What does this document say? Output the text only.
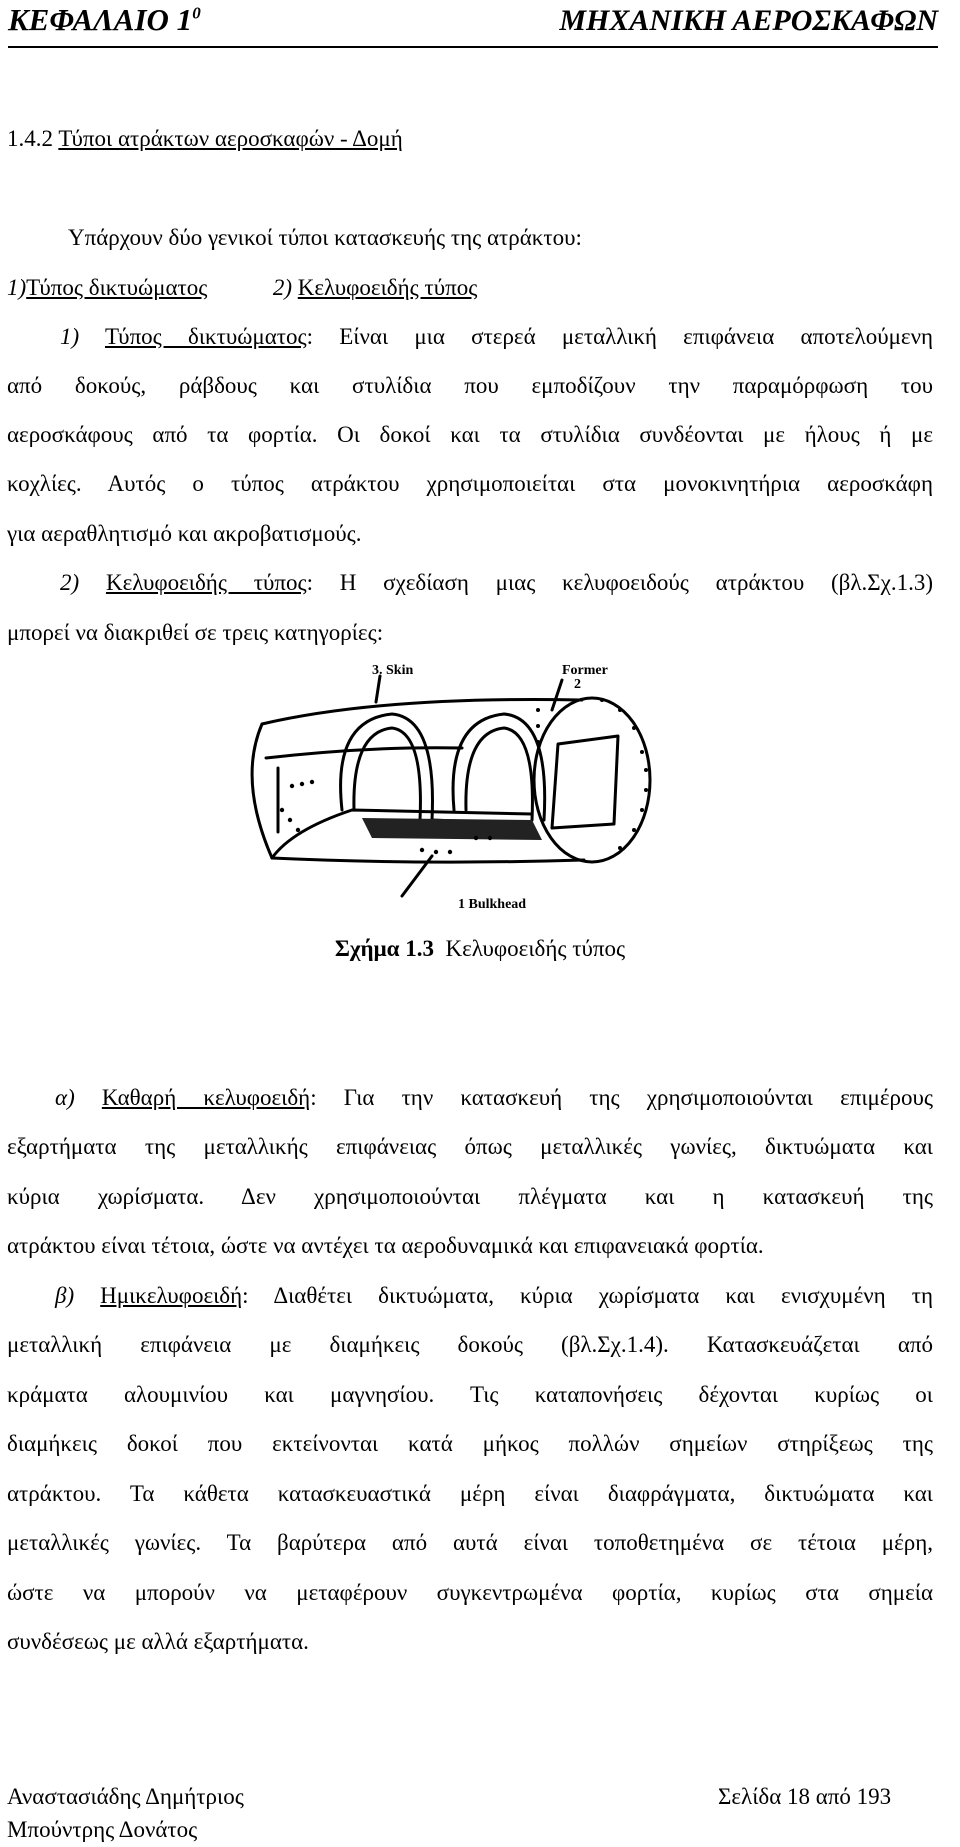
ΚΕΦΑΛΑΙΟ $1^0$	ΜΗΧΑΝΙΚΗ ΑΕΡΟΣΚΑΦΩΝ
1.4.2 Τύποι ατράκτων αεροσκαφών - Δομή
Υπάρχουν δύο γενικοί τύποι κατασκευής της ατράκτου:
1)Τύπος δικτυώματος	2) Κελυφοειδής τύπος
1) Τύπος δικτυώματος: Είναι μια στερεά μεταλλική επιφάνεια αποτελούμενη
από δοκούς, ράβδους και στυλίδια που εμποδίζουν την παραμόρφωση του
αεροσκάφους από τα φορτία. Οι δοκοί και τα στυλίδια συνδέονται με ήλους ή με
κοχλίες. Αυτός ο τύπος ατράκτου χρησιμοποιείται στα μονοκινητήρια αεροσκάφη
για αεραθλητισμό και ακροβατισμούς.
2) Κελυφοειδής τύπος: Η σχεδίαση μιας κελυφοειδούς ατράκτου (βλ.Σχ.1.3)
μπορεί να διακριθεί σε τρεις κατηγορίες:
3. Skin	Former
2
1 Bulkhead
Σχήμα 1.3 Κελυφοειδής τύπος
α) Καθαρή κελυφοειδή: Για την κατασκευή της χρησιμοποιούνται επιμέρους
εξαρτήματα της μεταλλικής επιφάνειας όπως μεταλλικές γωνίες, δικτυώματα και
κύρια χωρίσματα. Δεν χρησιμοποιούνται πλέγματα και η κατασκευή της
ατράκτου είναι τέτοια, ώστε να αντέχει τα αεροδυναμικά και επιφανειακά φορτία.
β) Ημικελυφοειδή: Διαθέτει δικτυώματα, κύρια χωρίσματα και ενισχυμένη τη
μεταλλική επιφάνεια με διαμήκεις δοκούς (βλ.Σχ.1.4). Κατασκευάζεται από
κράματα αλουμινίου και μαγνησίου. Τις καταπονήσεις δέχονται κυρίως οι
διαμήκεις δοκοί που εκτείνονται κατά μήκος πολλών σημείων στηρίξεως της
ατράκτου. Τα κάθετα κατασκευαστικά μέρη είναι διαφράγματα, δικτυώματα και
μεταλλικές γωνίες. Τα βαρύτερα από αυτά είναι τοποθετημένα σε τέτοια μέρη,
ώστε να μπορούν να μεταφέρουν συγκεντρωμένα φορτία, κυρίως στα σημεία
συνδέσεως με αλλά εξαρτήματα.
Αναστασιάδης Δημήτριος
Μπούντρης Δονάτος
Σελίδα 18 από 193
